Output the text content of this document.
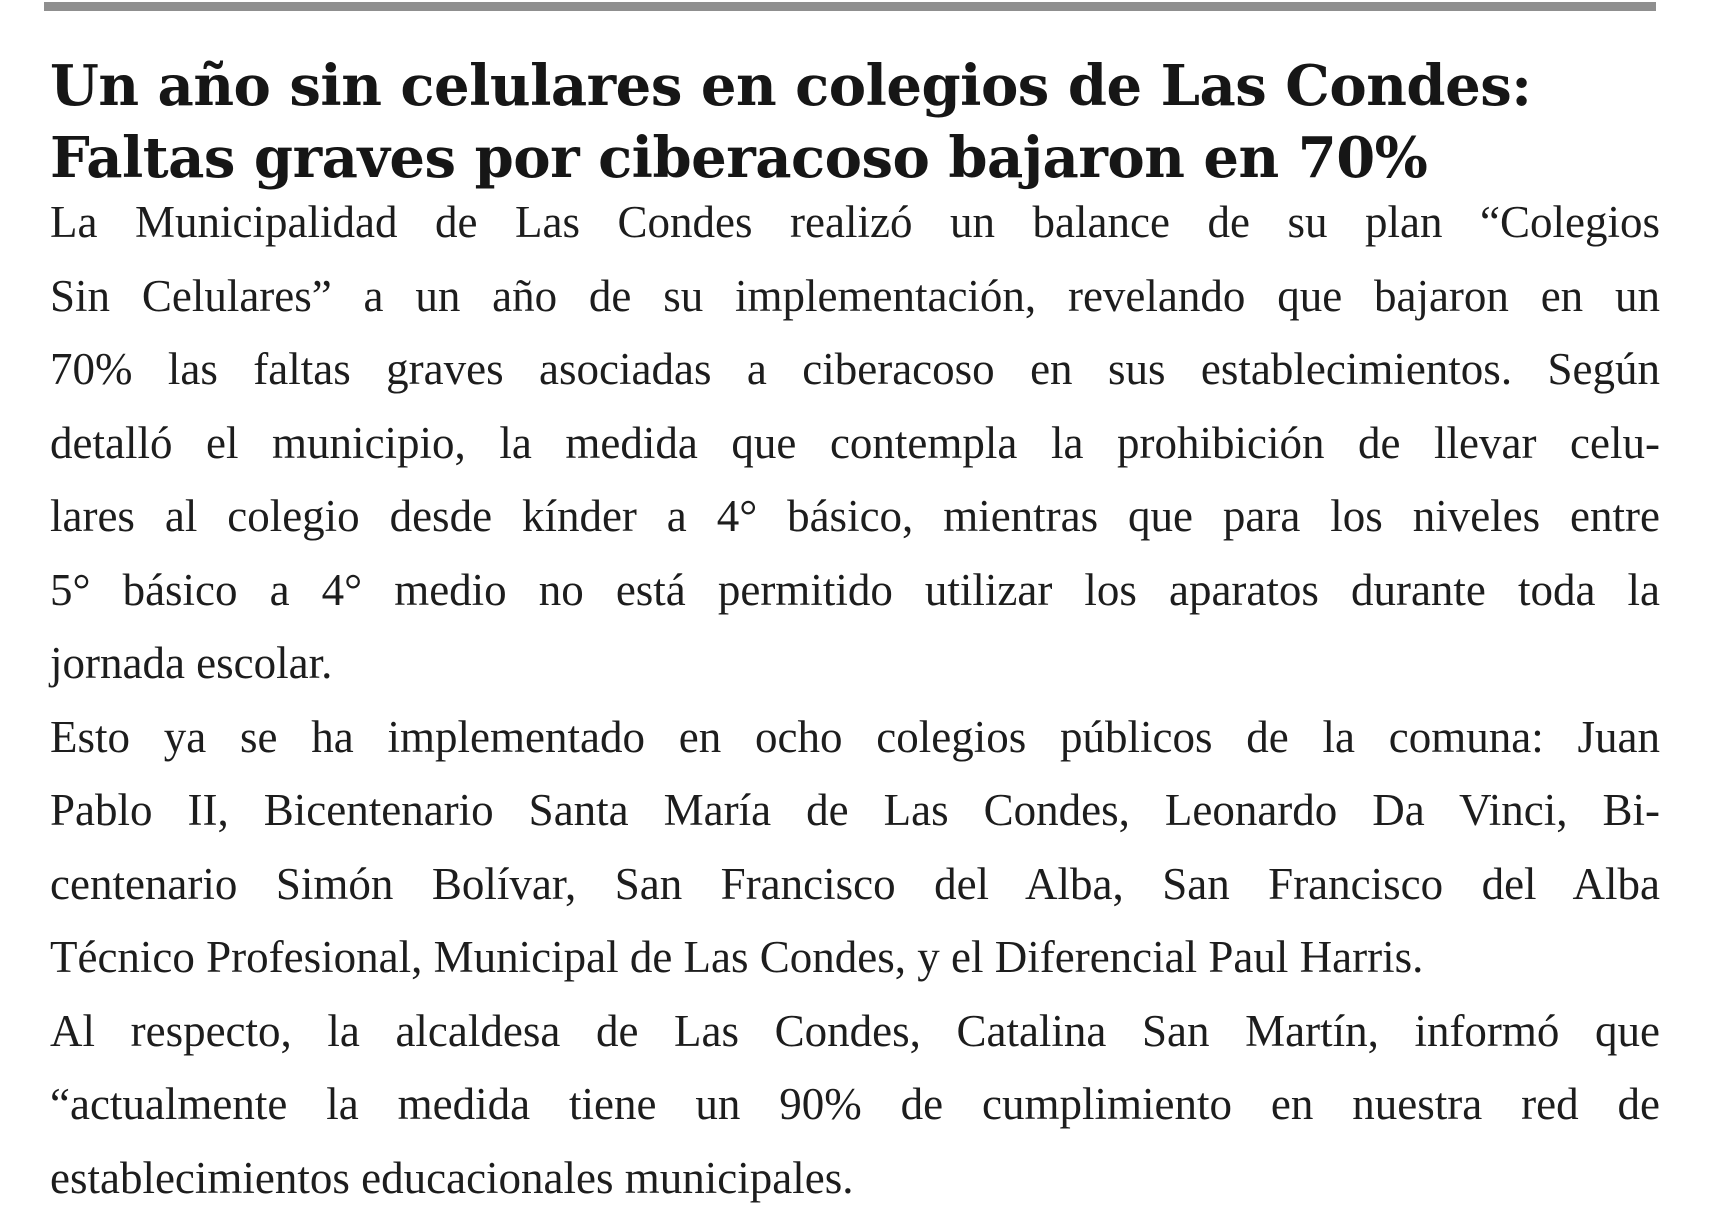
Un año sin celulares en colegios de Las Condes:
Faltas graves por ciberacoso bajaron en 70%
La Municipalidad de Las Condes realizó un balance de su plan “Colegios
Sin Celulares” a un año de su implementación, revelando que bajaron en un
70% las faltas graves asociadas a ciberacoso en sus establecimientos. Según
detalló el municipio, la medida que contempla la prohibición de llevar celu-
lares al colegio desde kínder a 4° básico, mientras que para los niveles entre
5° básico a 4° medio no está permitido utilizar los aparatos durante toda la
jornada escolar.
Esto ya se ha implementado en ocho colegios públicos de la comuna: Juan
Pablo II, Bicentenario Santa María de Las Condes, Leonardo Da Vinci, Bi-
centenario Simón Bolívar, San Francisco del Alba, San Francisco del Alba
Técnico Profesional, Municipal de Las Condes, y el Diferencial Paul Harris.
Al respecto, la alcaldesa de Las Condes, Catalina San Martín, informó que
“actualmente la medida tiene un 90% de cumplimiento en nuestra red de
establecimientos educacionales municipales.
